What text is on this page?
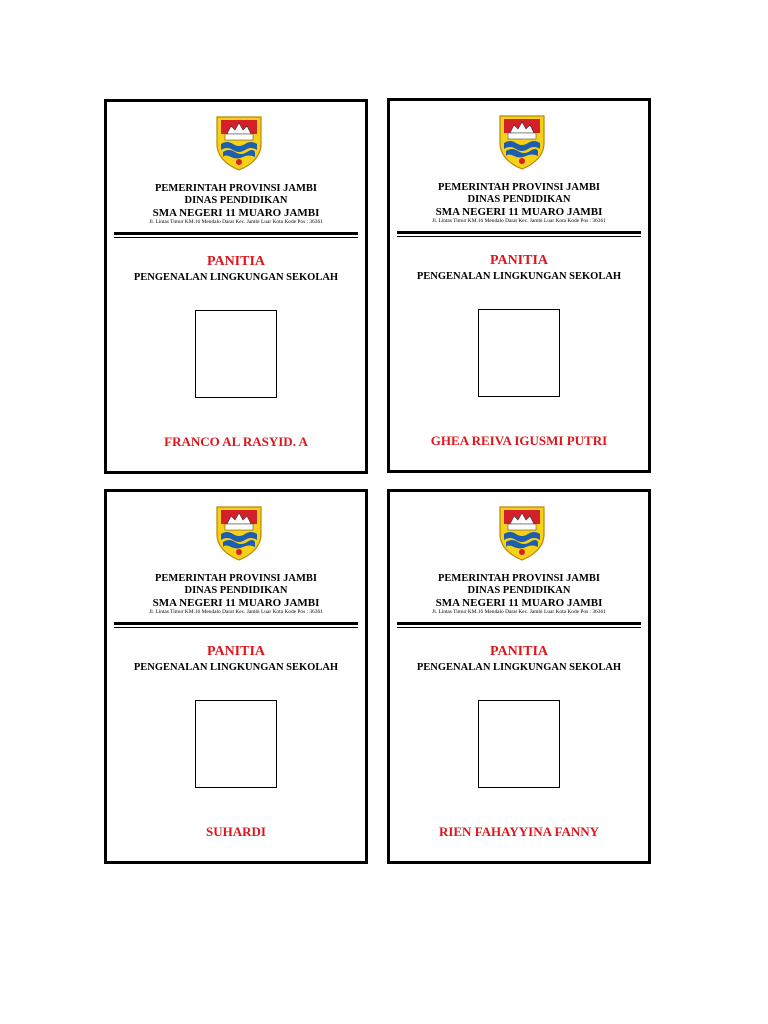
PEMERINTAH PROVINSI JAMBI
DINAS PENDIDIKAN
SMA NEGERI 11 MUARO JAMBI
Jl. Lintas Timur KM.16 Mendalo Darat Kec. Jambi Luar Kota Kode Pos : 36361
PANITIA
PENGENALAN LINGKUNGAN SEKOLAH
FRANCO AL RASYID. A
PEMERINTAH PROVINSI JAMBI
DINAS PENDIDIKAN
SMA NEGERI 11 MUARO JAMBI
Jl. Lintas Timur KM.16 Mendalo Darat Kec. Jambi Luar Kota Kode Pos : 36361
PANITIA
PENGENALAN LINGKUNGAN SEKOLAH
GHEA REIVA IGUSMI PUTRI
PEMERINTAH PROVINSI JAMBI
DINAS PENDIDIKAN
SMA NEGERI 11 MUARO JAMBI
Jl. Lintas Timur KM.16 Mendalo Darat Kec. Jambi Luar Kota Kode Pos : 36361
PANITIA
PENGENALAN LINGKUNGAN SEKOLAH
SUHARDI
PEMERINTAH PROVINSI JAMBI
DINAS PENDIDIKAN
SMA NEGERI 11 MUARO JAMBI
Jl. Lintas Timur KM.16 Mendalo Darat Kec. Jambi Luar Kota Kode Pos : 36361
PANITIA
PENGENALAN LINGKUNGAN SEKOLAH
RIEN FAHAYYINA FANNY
